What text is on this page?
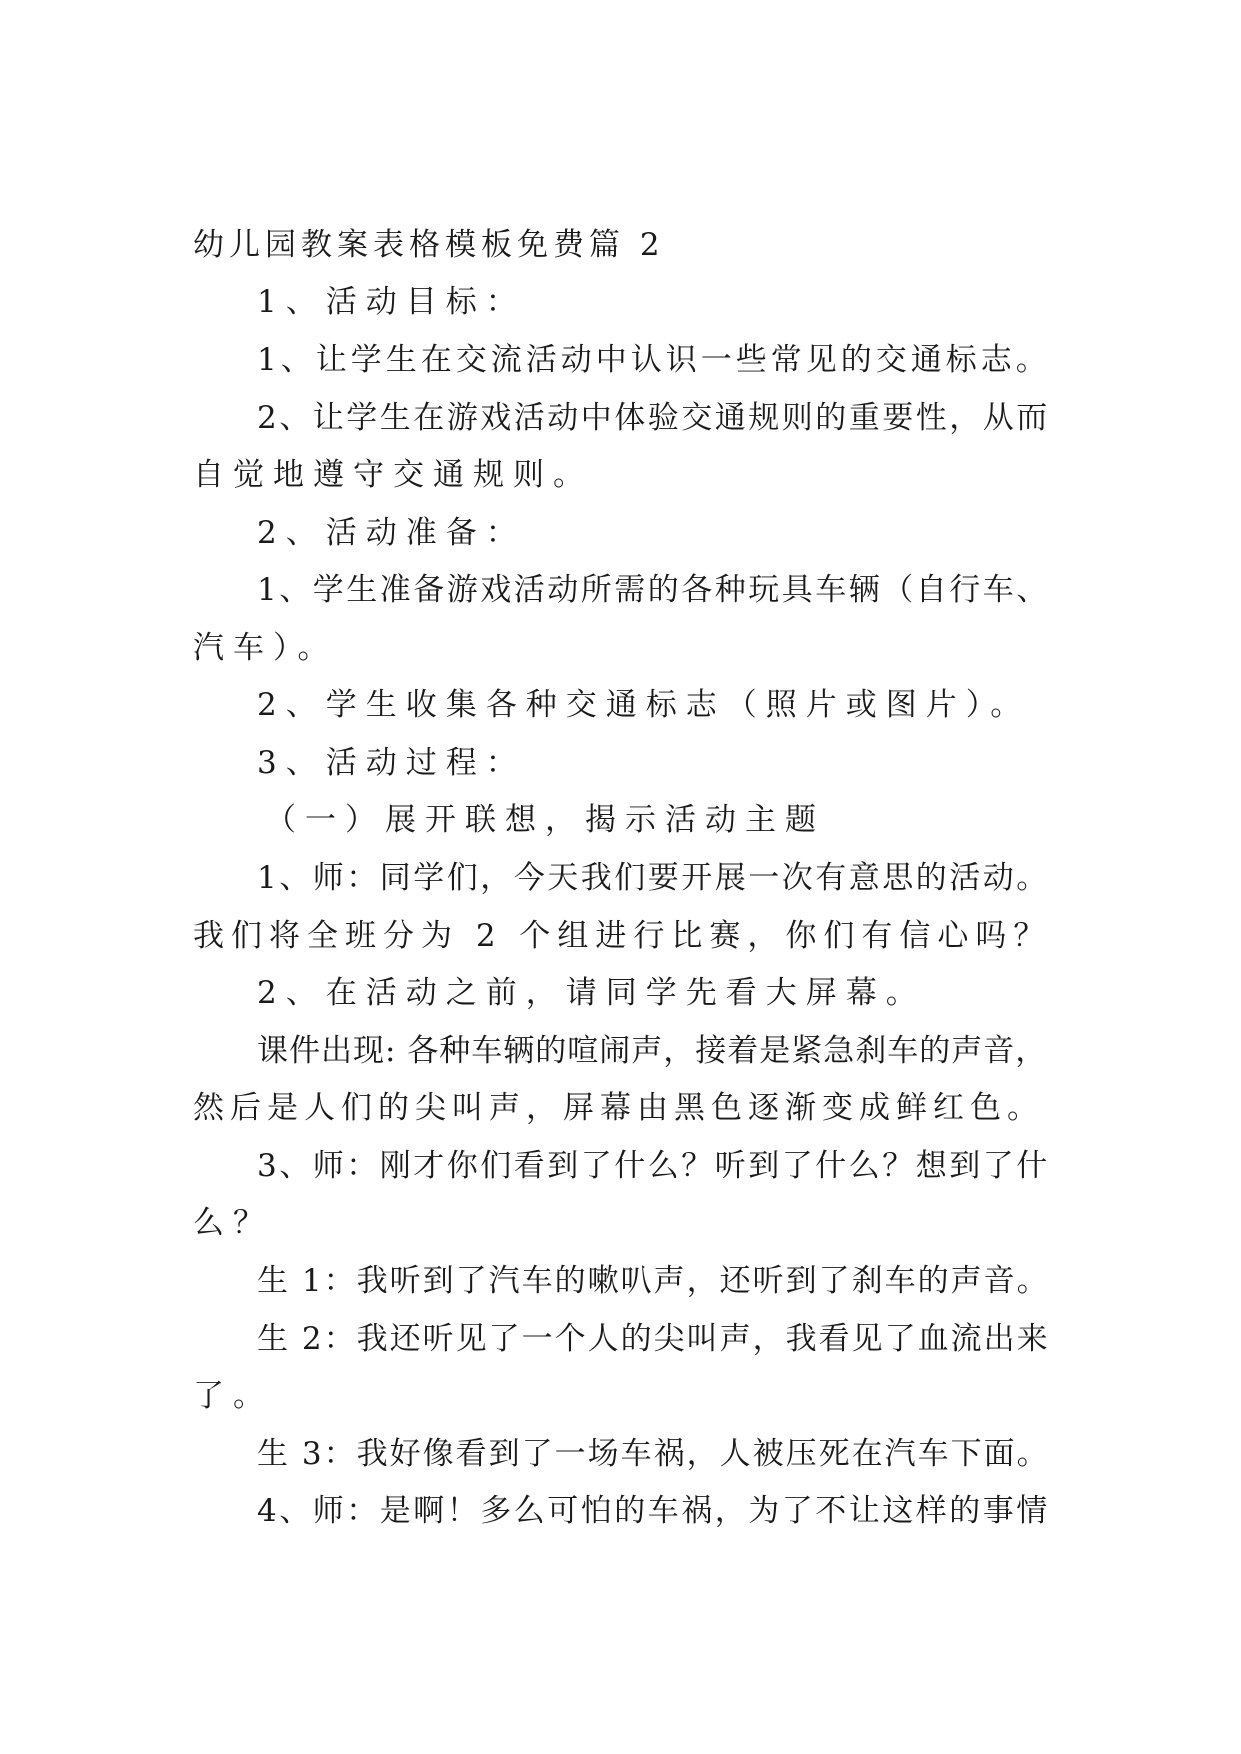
幼儿园教案表格模板免费篇 2
1、活动目标：
1、让学生在交流活动中认识一些常见的交通标志。
2、让学生在游戏活动中体验交通规则的重要性，从而
自觉地遵守交通规则。
2、活动准备：
1、学生准备游戏活动所需的各种玩具车辆（自行车、
汽车）。
2、学生收集各种交通标志（照片或图片）。
3、活动过程：
（一）展开联想，揭示活动主题
1、师：同学们，今天我们要开展一次有意思的活动。
我们将全班分为 2 个组进行比赛，你们有信心吗？
2、在活动之前，请同学先看大屏幕。
课件出现: 各种车辆的喧闹声，接着是紧急刹车的声音，
然后是人们的尖叫声，屏幕由黑色逐渐变成鲜红色。
3、师：刚才你们看到了什么？听到了什么？想到了什
么？
生 1：我听到了汽车的嗽叭声，还听到了刹车的声音。
生 2：我还听见了一个人的尖叫声，我看见了血流出来
了。
生 3：我好像看到了一场车祸，人被压死在汽车下面。
4、师：是啊！多么可怕的车祸，为了不让这样的事情
